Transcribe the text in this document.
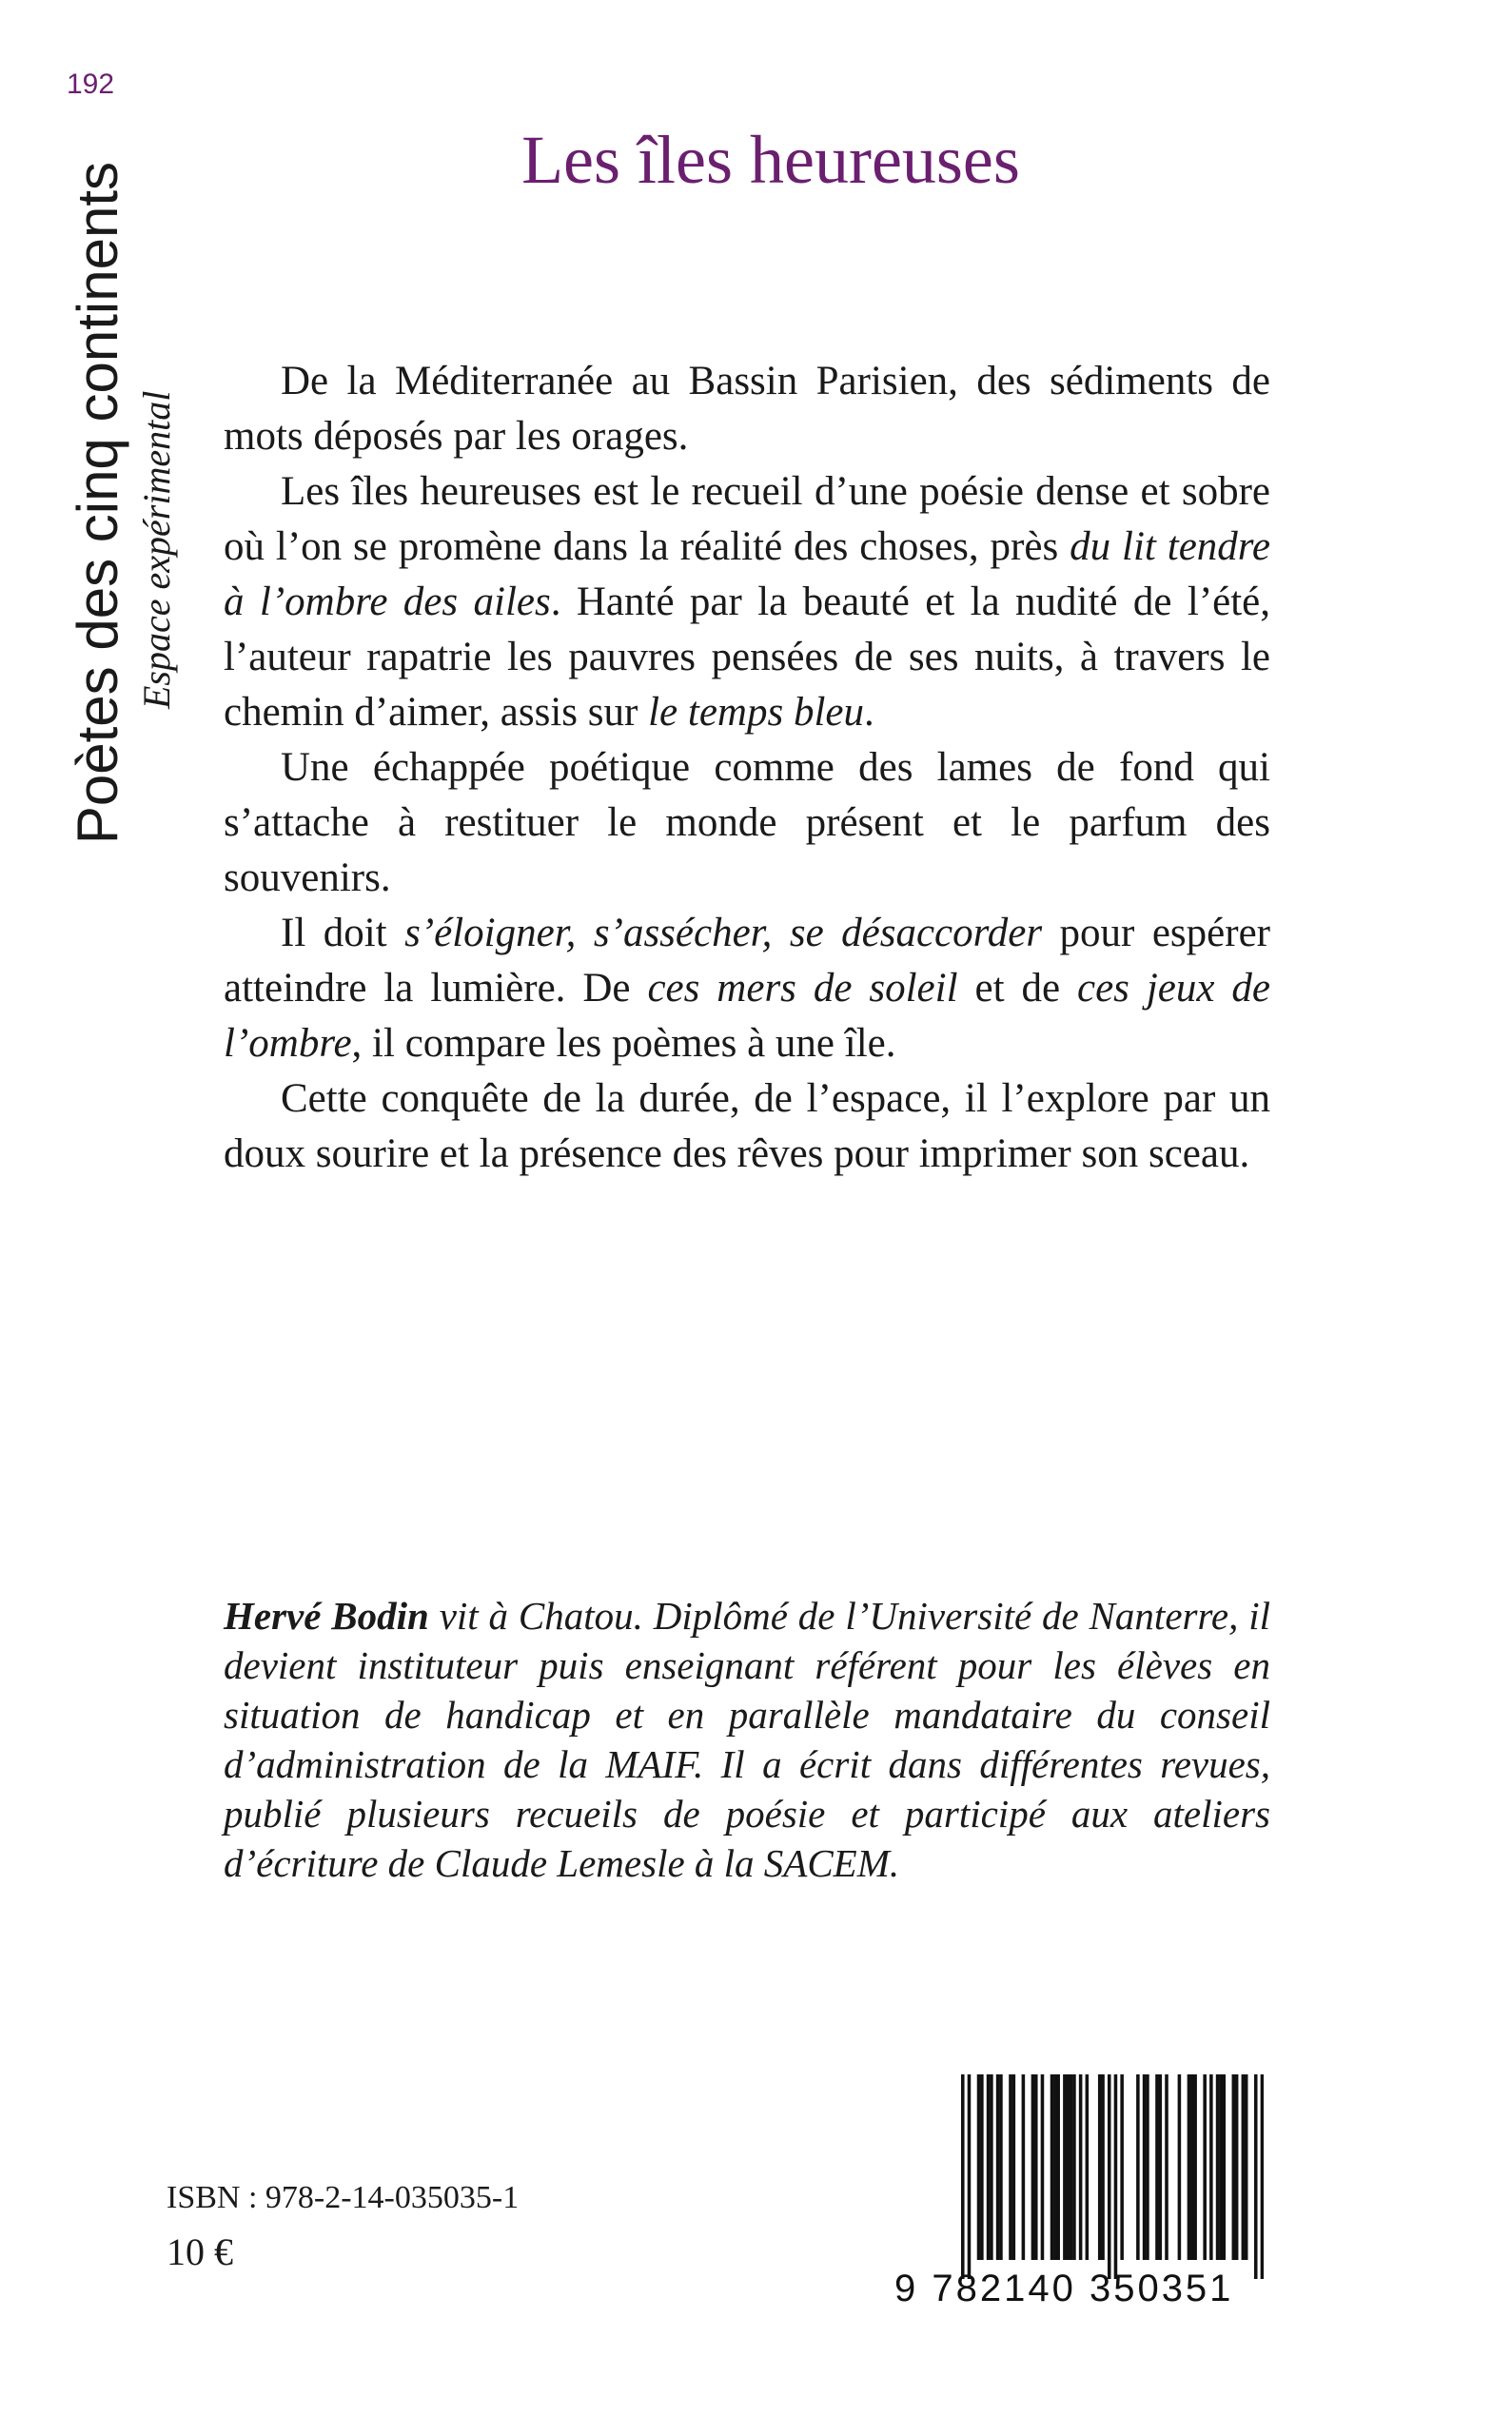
192
Poètes des cinq continents Espace expérimental
Les îles heureuses

De la Méditerranée au Bassin Parisien, des sédiments de mots déposés par les orages.

Les îles heureuses est le recueil d’une poésie dense et sobre où l’on se promène dans la réalité des choses, près du lit tendre à l’ombre des ailes. Hanté par la beauté et la nudité de l’été, l’auteur rapatrie les pauvres pensées de ses nuits, à travers le chemin d’aimer, assis sur le temps bleu.

Une échappée poétique comme des lames de fond qui s’attache à restituer le monde présent et le parfum des souvenirs.

Il doit s’éloigner, s’assécher, se désaccorder pour espérer atteindre la lumière. De ces mers de soleil et de ces jeux de l’ombre, il compare les poèmes à une île.

Cette conquête de la durée, de l’espace, il l’explore par un doux sourire et la présence des rêves pour imprimer son sceau.

Hervé Bodin vit à Chatou. Diplômé de l’Université de Nanterre, il devient instituteur puis enseignant référent pour les élèves en situation de handicap et en parallèle mandataire du conseil d’administration de la MAIF. Il a écrit dans différentes revues, publié plusieurs recueils de poésie et participé aux ateliers d’écriture de Claude Lemesle à la SACEM.

ISBN : 978-2-14-035035-1
10 €
9 782140 350351
